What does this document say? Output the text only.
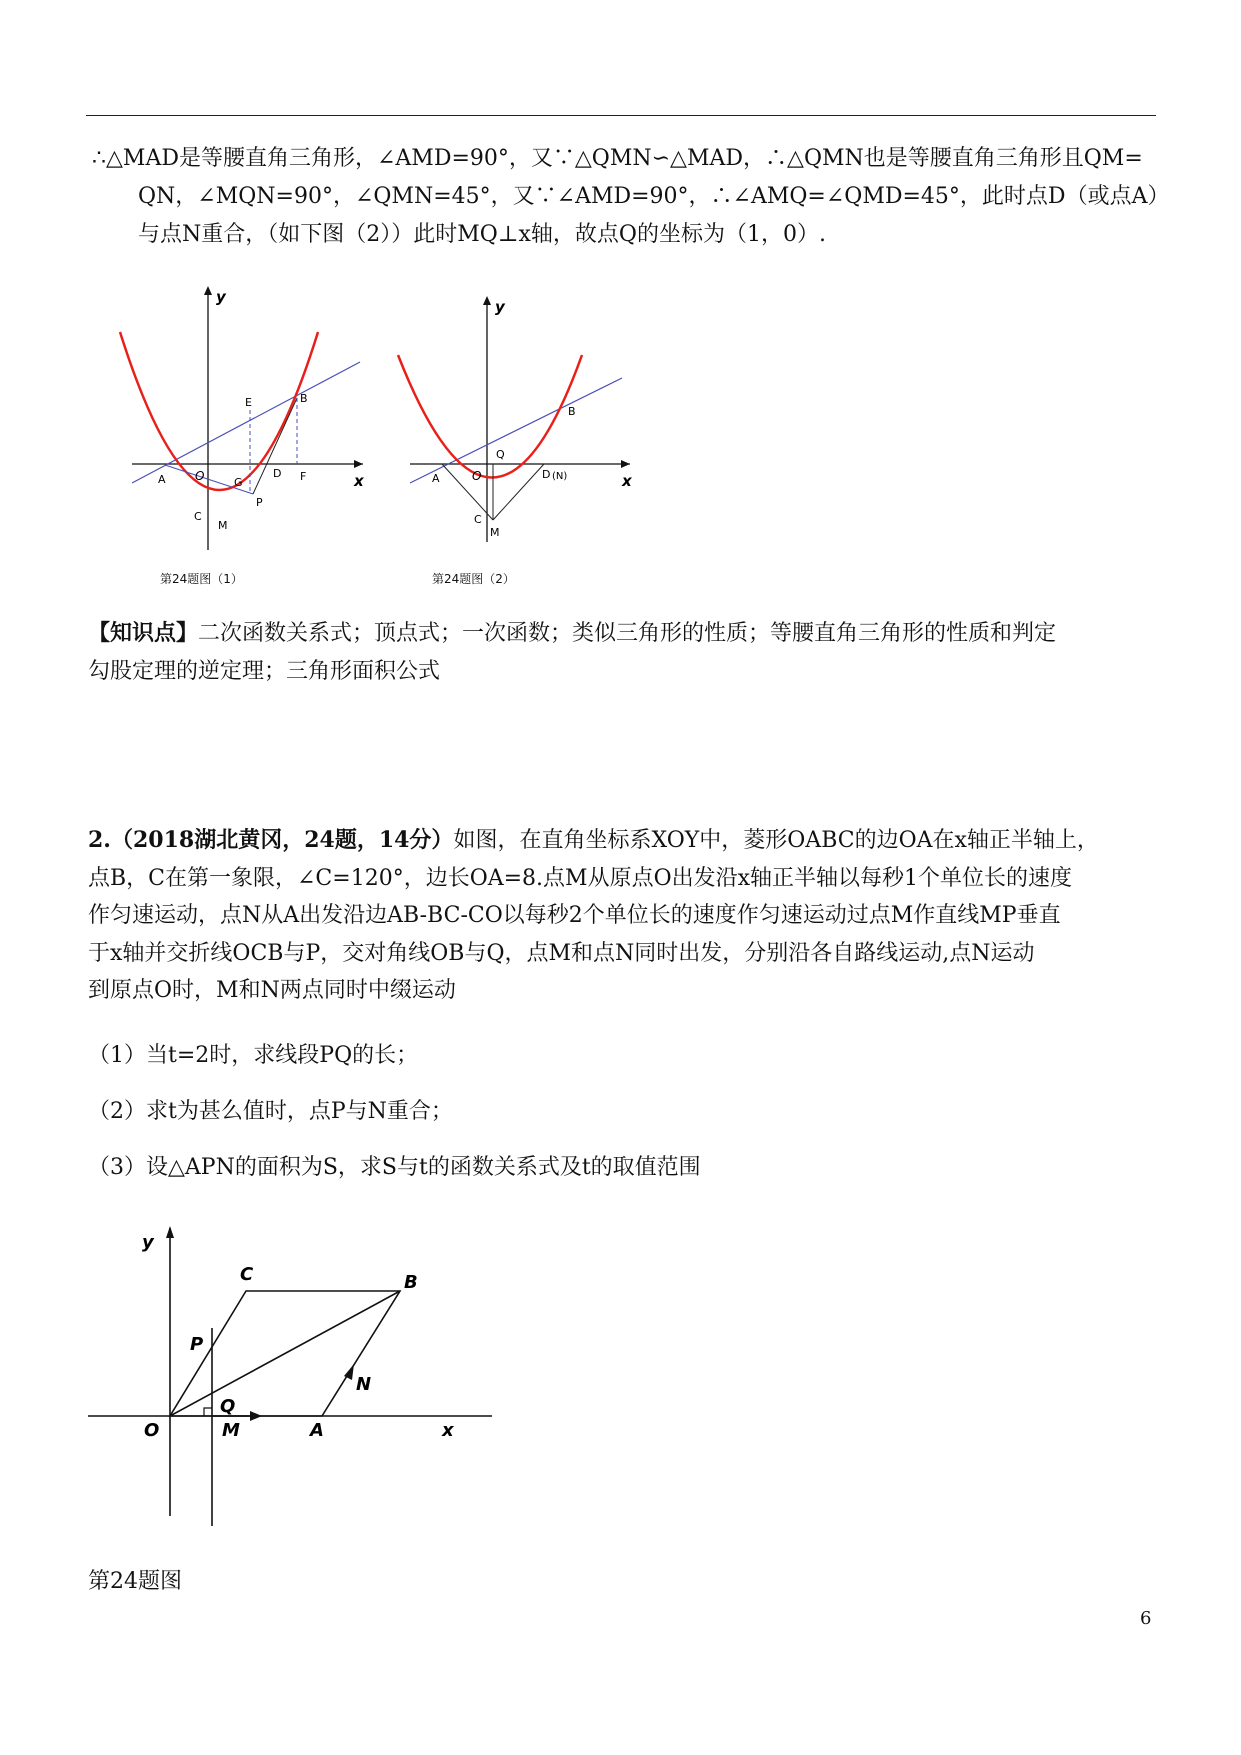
∴△MAD是等腰直角三角形，∠AMD=90°，又∵△QMN∽△MAD，∴△QMN也是等腰直角三角形且QM=
QN，∠MQN=90°，∠QMN=45°，又∵∠AMD=90°，∴∠AMQ=∠QMD=45°，此时点D（或点A）
与点N重合，（如下图（2））此时MQ⊥x轴，故点Q的坐标为（1，0）.
y
x
O
A
B
C
M
E
G
D F
P
第24题图（1）
y
x
O
A
B
C
M
Q
D (N)
第24题图（2）
【知识点】二次函数关系式；顶点式；一次函数；类似三角形的性质；等腰直角三角形的性质和判定
勾股定理的逆定理；三角形面积公式
2.（2018湖北黄冈，24题，14分）如图，在直角坐标系XOY中，菱形OABC的边OA在x轴正半轴上，
点B，C在第一象限，∠C=120°，边长OA=8.点M从原点O出发沿x轴正半轴以每秒1个单位长的速度
作匀速运动，点N从A出发沿边AB-BC-CO以每秒2个单位长的速度作匀速运动过点M作直线MP垂直
于x轴并交折线OCB与P，交对角线OB与Q，点M和点N同时出发，分别沿各自路线运动,点N运动
到原点O时，M和N两点同时中缀运动
（1）当t=2时，求线段PQ的长；
（2）求t为甚么值时，点P与N重合；
（3）设△APN的面积为S，求S与t的函数关系式及t的取值范围
y
x
O	A
B
C
M
N
P
Q
第24题图
6
